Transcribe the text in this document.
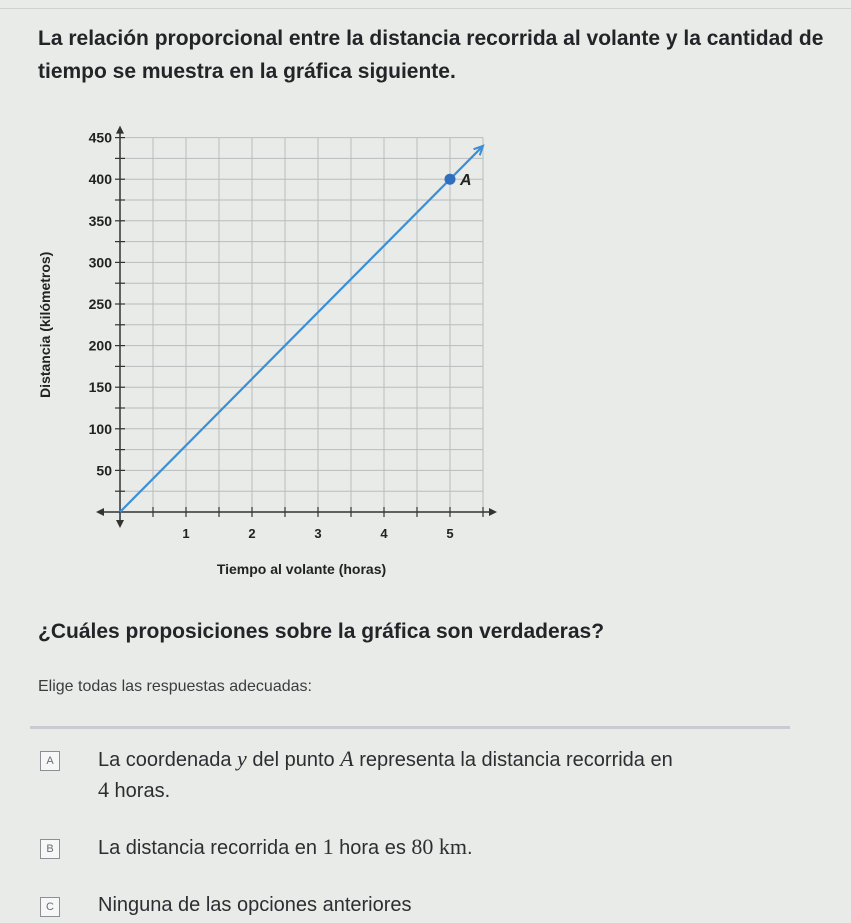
La relación proporcional entre la distancia recorrida al volante y la cantidad de tiempo se muestra en la gráfica siguiente.
1	2	3	4	5
50
100
150
200
250
300
350
400
450
Tiempo al volante (horas)
Distancia (kilómetros)
A
¿Cuáles proposiciones sobre la gráfica son verdaderas?
Elige todas las respuestas adecuadas:
A	La coordenada y del punto A representa la distancia recorrida en
4 horas.
B	La distancia recorrida en 1 hora es 80 km.
C	Ninguna de las opciones anteriores
